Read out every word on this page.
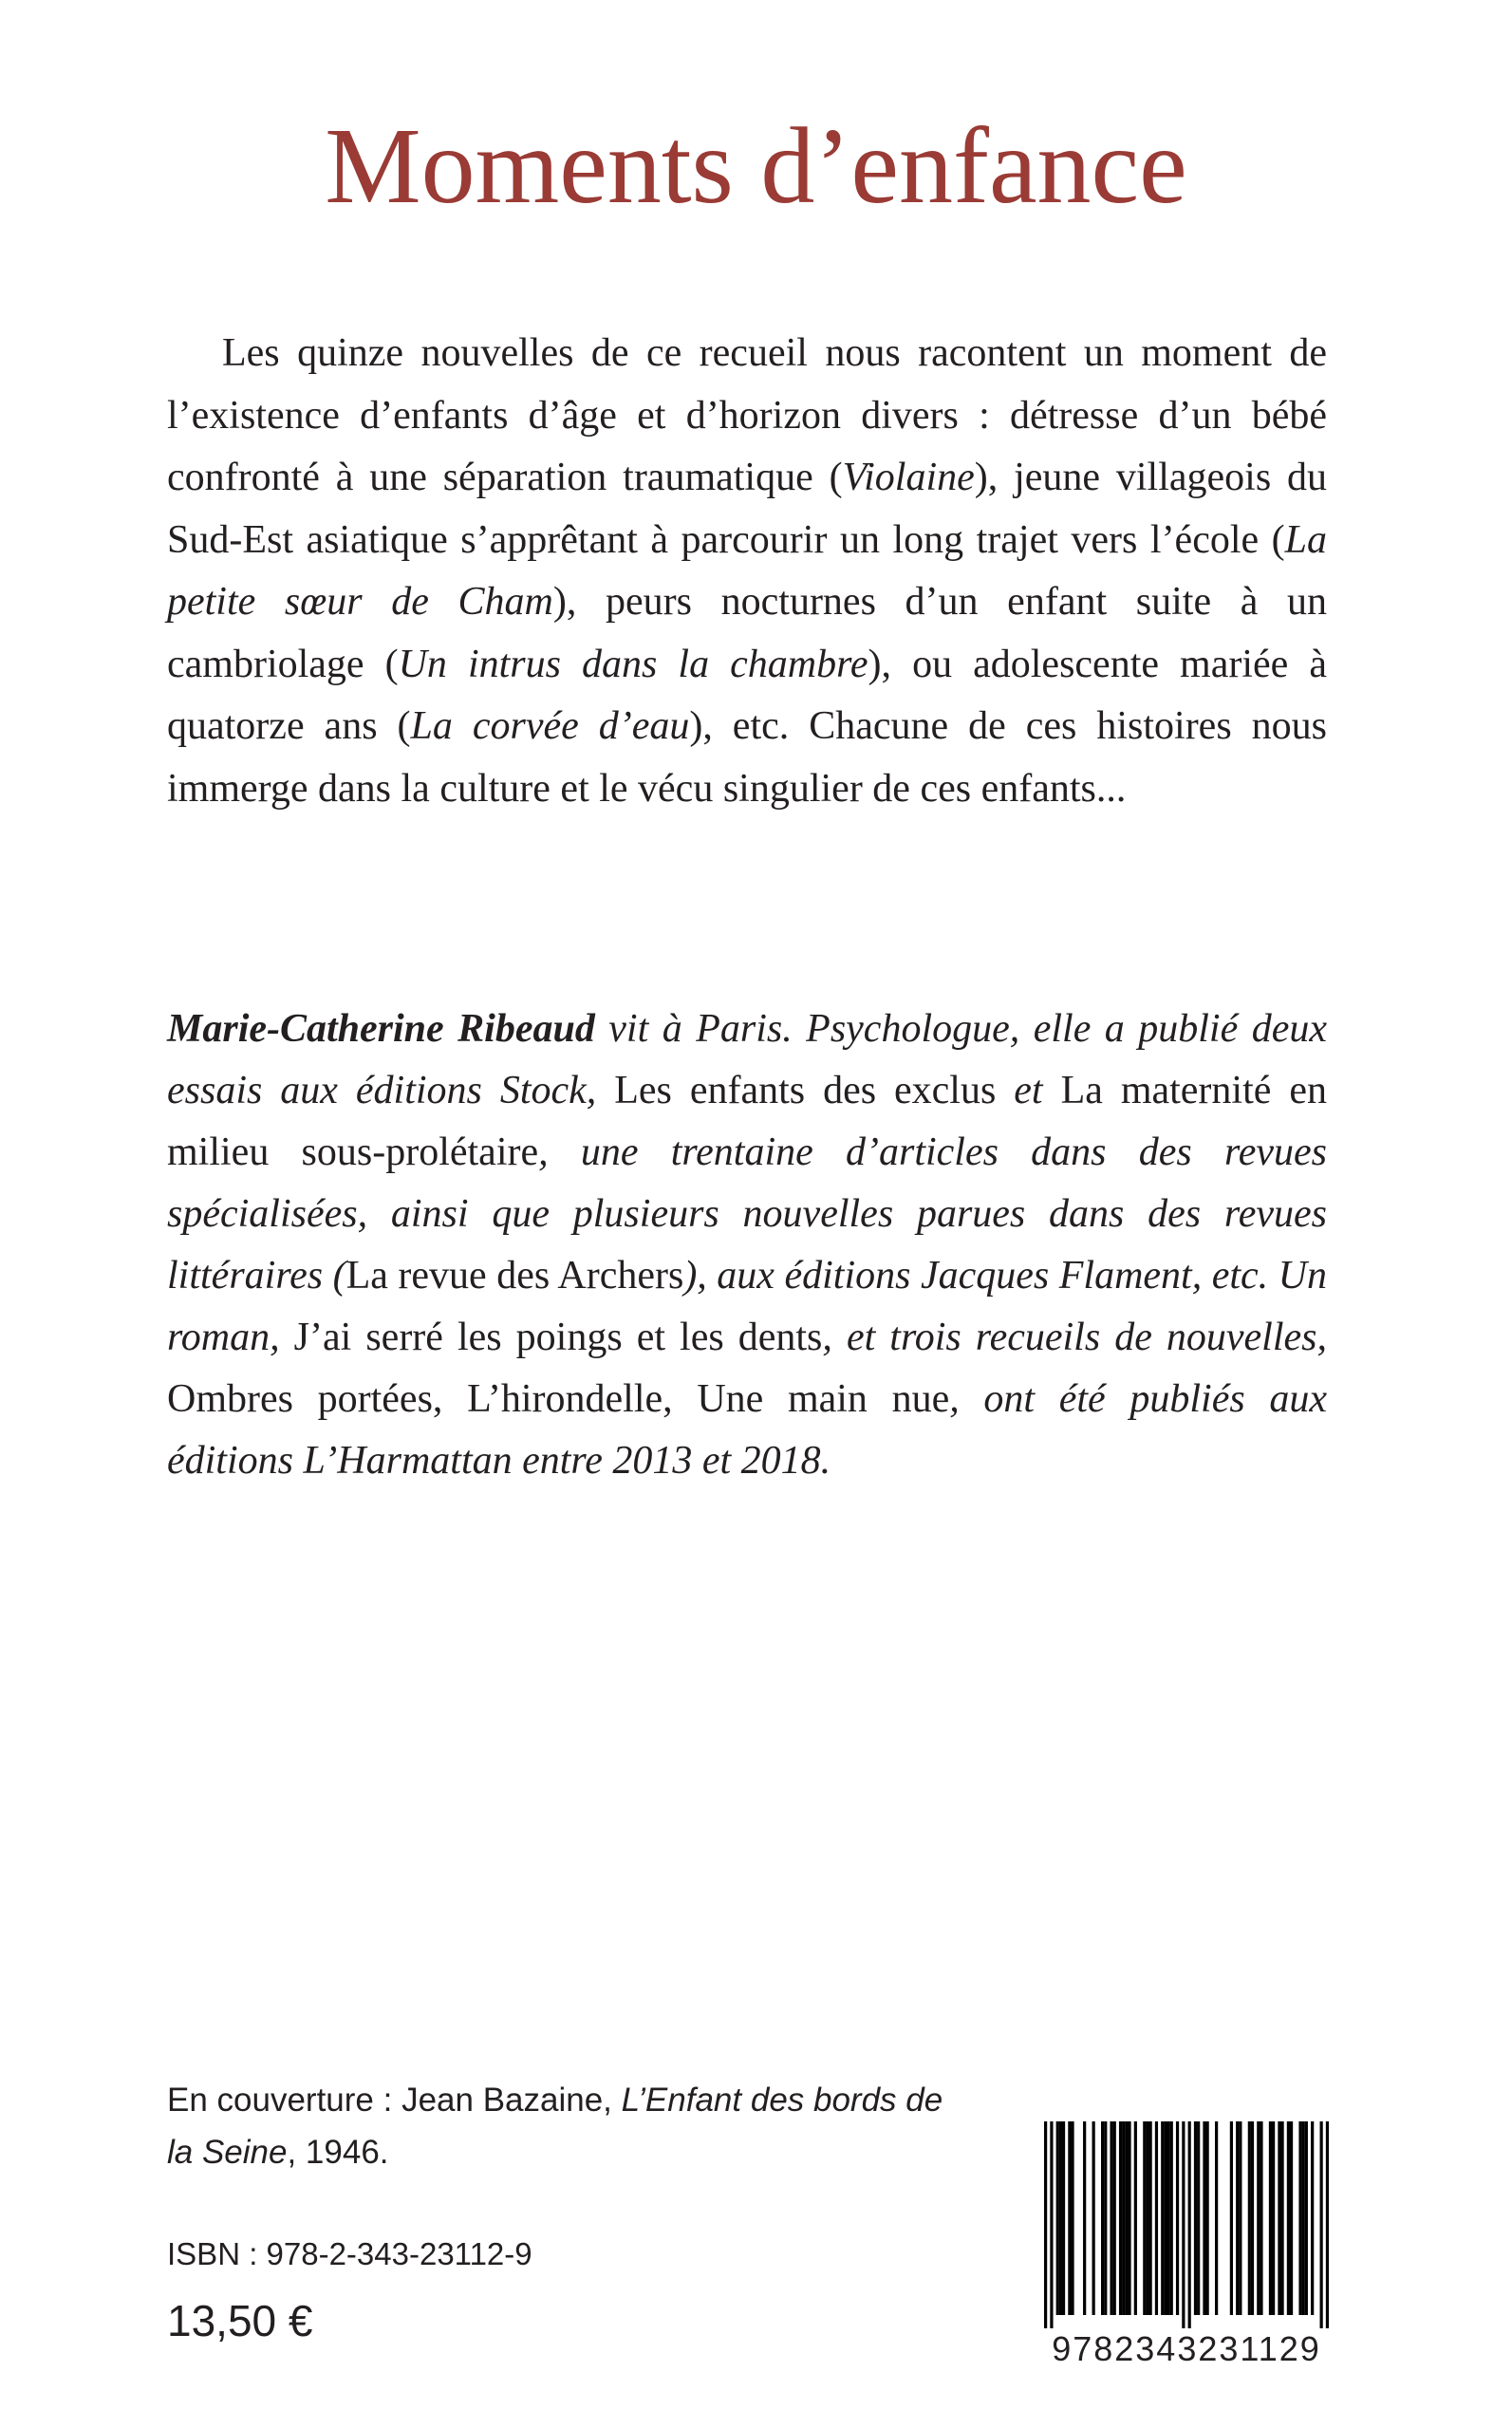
Moments d’enfance

Les quinze nouvelles de ce recueil nous racontent un moment de l’existence d’enfants d’âge et d’horizon divers : détresse d’un bébé confronté à une séparation traumatique (Violaine), jeune villageois du Sud-Est asiatique s’apprêtant à parcourir un long trajet vers l’école (La petite sœur de Cham), peurs nocturnes d’un enfant suite à un cambriolage (Un intrus dans la chambre), ou adolescente mariée à quatorze ans (La corvée d’eau), etc. Chacune de ces histoires nous immerge dans la culture et le vécu singulier de ces enfants...

Marie-Catherine Ribeaud vit à Paris. Psychologue, elle a publié deux essais aux éditions Stock, Les enfants des exclus et La maternité en milieu sous-prolétaire, une trentaine d’articles dans des revues spécialisées, ainsi que plusieurs nouvelles parues dans des revues littéraires (La revue des Archers), aux éditions Jacques Flament, etc. Un roman, J’ai serré les poings et les dents, et trois recueils de nouvelles, Ombres portées, L’hirondelle, Une main nue, ont été publiés aux éditions L’Harmattan entre 2013 et 2018.

En couverture : Jean Bazaine, L’Enfant des bords de la Seine, 1946.

ISBN : 978-2-343-23112-9
13,50 €
9782343231129
